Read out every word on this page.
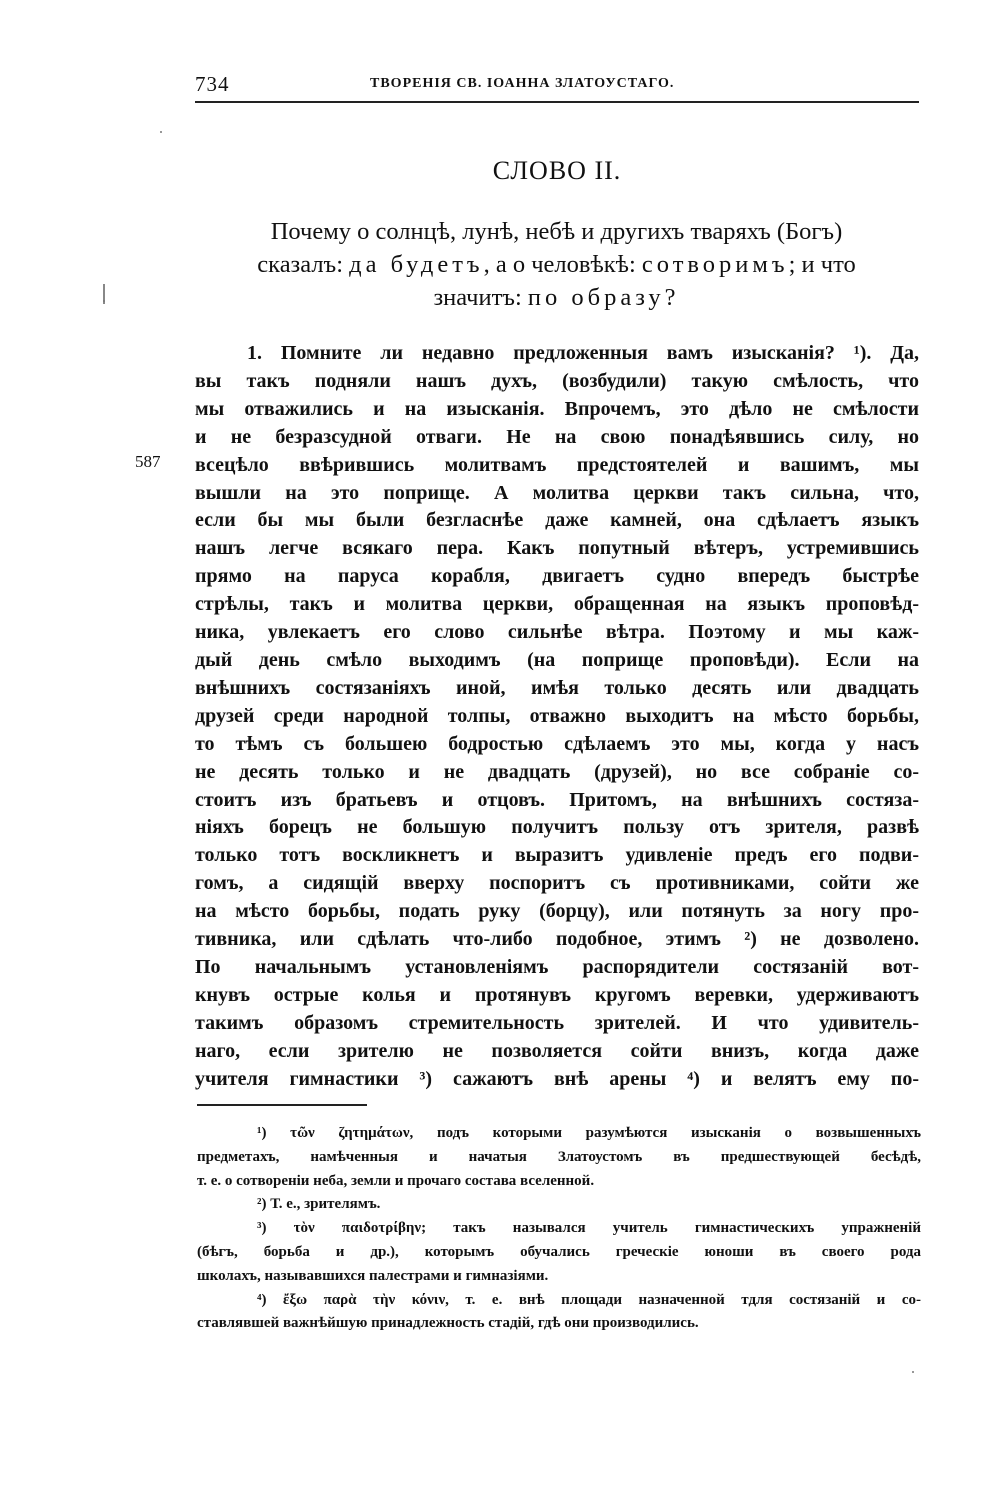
734	ТВОРЕНІЯ СВ. ІОАННА ЗЛАТОУСТАГО.
СЛОВО II.
Почему о солнцѣ, лунѣ, небѣ и другихъ тваряхъ (Богъ)
сказалъ: да будетъ, а о человѣкѣ: сотворимъ; и что
значитъ: по образу?
587
1. Помните ли недавно предложенныя вамъ изысканія? ¹). Да,
вы такъ подняли нашъ духъ, (возбудили) такую смѣлость, что
мы отважились и на изысканія. Впрочемъ, это дѣло не смѣлости
и не безразсудной отваги. Не на свою понадѣявшись силу, но
всецѣло ввѣрившись молитвамъ предстоятелей и вашимъ, мы
вышли на это поприще. А молитва церкви такъ сильна, что,
если бы мы были безгласнѣе даже камней, она сдѣлаетъ языкъ
нашъ легче всякаго пера. Какъ попутный вѣтеръ, устремившись
прямо на паруса корабля, двигаетъ судно впередъ быстрѣе
стрѣлы, такъ и молитва церкви, обращенная на языкъ проповѣд-
ника, увлекаетъ его слово сильнѣе вѣтра. Поэтому и мы каж-
дый день смѣло выходимъ (на поприще проповѣди). Если на
внѣшнихъ состязаніяхъ иной, имѣя только десять или двадцать
друзей среди народной толпы, отважно выходитъ на мѣсто борьбы,
то тѣмъ съ большею бодростью сдѣлаемъ это мы, когда у насъ
не десять только и не двадцать (друзей), но все собраніе со-
стоитъ изъ братьевъ и отцовъ. Притомъ, на внѣшнихъ состяза-
ніяхъ борецъ не большую получитъ пользу отъ зрителя, развѣ
только тотъ воскликнетъ и выразитъ удивленіе предъ его подви-
гомъ, а сидящій вверху поспоритъ съ противниками, сойти же
на мѣсто борьбы, подать руку (борцу), или потянуть за ногу про-
тивника, или сдѣлать что-либо подобное, этимъ ²) не дозволено.
По начальнымъ установленіямъ распорядители состязаній вот-
кнувъ острые колья и протянувъ кругомъ веревки, удерживаютъ
такимъ образомъ стремительность зрителей. И что удивитель-
наго, если зрителю не позволяется сойти внизъ, когда даже
учителя гимнастики ³) сажаютъ внѣ арены ⁴) и велятъ ему по-
¹) τῶν ζητημάτων, подъ которыми разумѣются изысканія о возвышенныхъ
предметахъ, намѣченныя и начатыя Златоустомъ въ предшествующей бесѣдѣ,
т. е. о сотвореніи неба, земли и прочаго состава вселенной.
²) Т. е., зрителямъ.
³) τὸν παιδοτρίβην; такъ назывался учитель гимнастическихъ упражненій
(бѣгъ, борьба и др.), которымъ обучались греческіе юноши въ своего рода
школахъ, называвшихся палестрами и гимназіями.
⁴) ἔξω παρὰ τὴν κόνιν, т. е. внѣ площади назначенной тдля состязаній и со-
ставлявшей важнѣйшую принадлежность стадій, гдѣ они производились.
